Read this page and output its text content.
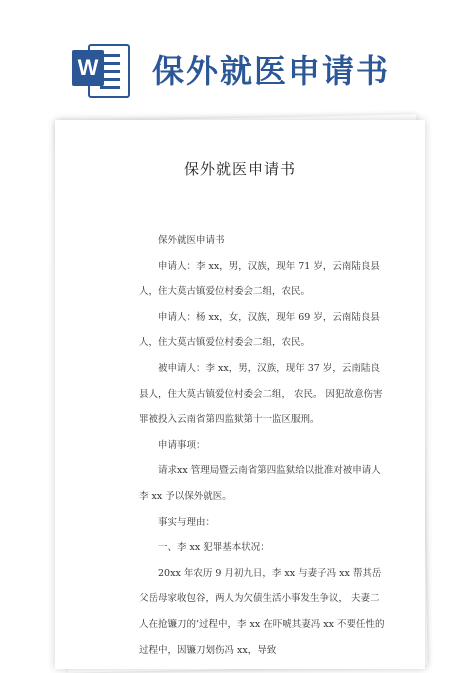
W 保外就医申请书
保外就医申请书

保外就医申请书

申请人：李 xx，男，汉族，现年 71 岁，云南陆良县人，住大莫古镇爱位村委会二组，农民。

申请人：杨 xx，女，汉族，现年 69 岁，云南陆良县人，住大莫古镇爱位村委会二组，农民。

被申请人：李 xx，男，汉族，现年 37 岁，云南陆良县人，住大莫古镇爱位村委会二组， 农民。 因犯故意伤害罪被投入云南省第四监狱第十一监区服刑。

申请事项：

请求xx 管理局暨云南省第四监狱给以批准对被申请人李 xx 予以保外就医。

事实与理由：

一、李 xx 犯罪基本状况：

20xx 年农历 9 月初九日，李 xx 与妻子冯 xx 帮其岳父岳母家收包谷，两人为欠债生活小事发生争议， 夫妻二人在抢镰刀的’过程中，李 xx 在吓唬其妻冯 xx 不要任性的过程中，因镰刀划伤冯 xx，导致
